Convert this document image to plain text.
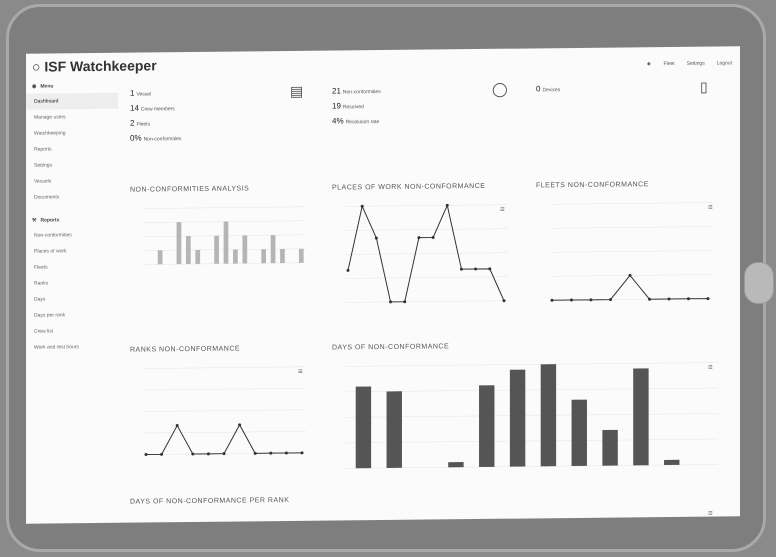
○ ISF Watchkeeper	☻ Fleet Settings Logout
◉ Menu
Dashboard
Manage users
Watchkeeping
Reports
Settings
Vessels
Documents
⚒ Reports
Non-conformities
Places of work
Fleets
Ranks
Days
Days per rank
Crew list
Work and rest hours
▤
1 Vessel
14 Crew members
2 Fleets
0% Non-conformities
◯
21 Non-conformities
19 Resolved
4% Resolution rate
▯
0 Devices
NON-CONFORMITIES ANALYSIS	PLACES OF WORK NON-CONFORMANCE	FLEETS NON-CONFORMANCE
RANKS NON-CONFORMANCE	DAYS OF NON-CONFORMANCE
DAYS OF NON-CONFORMANCE PER RANK
≡	≡
≡	≡
≡
